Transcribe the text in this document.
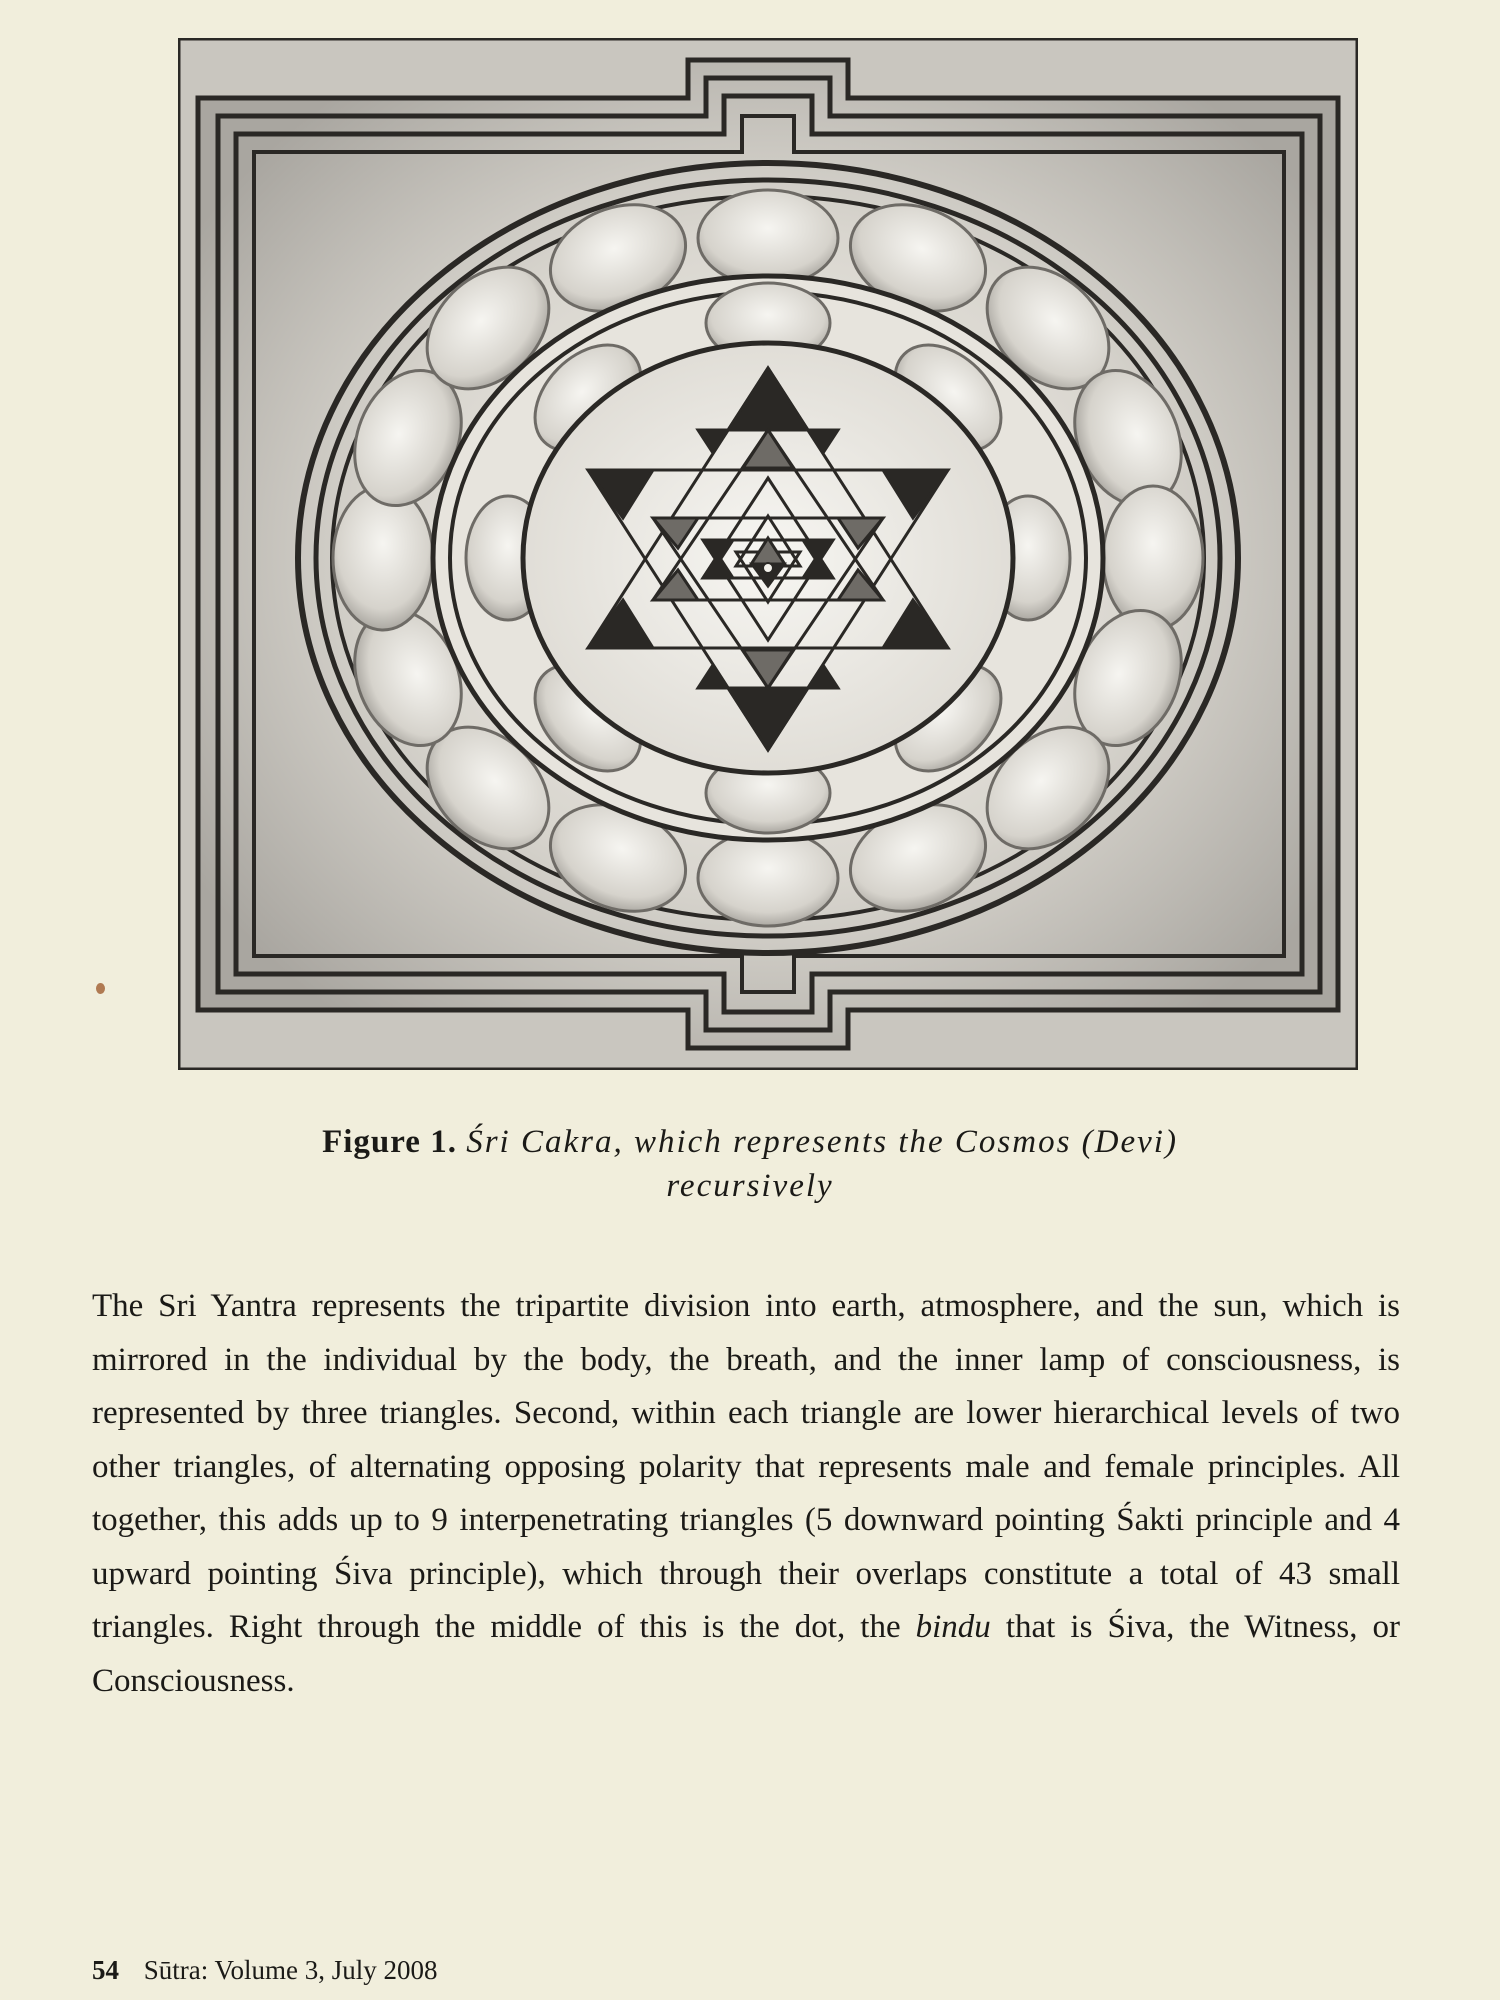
Figure 1. Śri Cakra, which represents the Cosmos (Devi)
recursively
The Sri Yantra represents the tripartite division into earth, atmosphere, and the sun, which is mirrored in the individual by the body, the breath, and the inner lamp of consciousness, is represented by three triangles. Second, within each triangle are lower hierarchical levels of two other triangles, of alternating opposing polarity that represents male and female principles. All together, this adds up to 9 interpenetrating triangles (5 downward pointing Śakti principle and 4 upward pointing Śiva principle), which through their overlaps constitute a total of 43 small triangles. Right through the middle of this is the dot, the bindu that is Śiva, the Witness, or Consciousness.
54 Sūtra: Volume 3, July 2008
